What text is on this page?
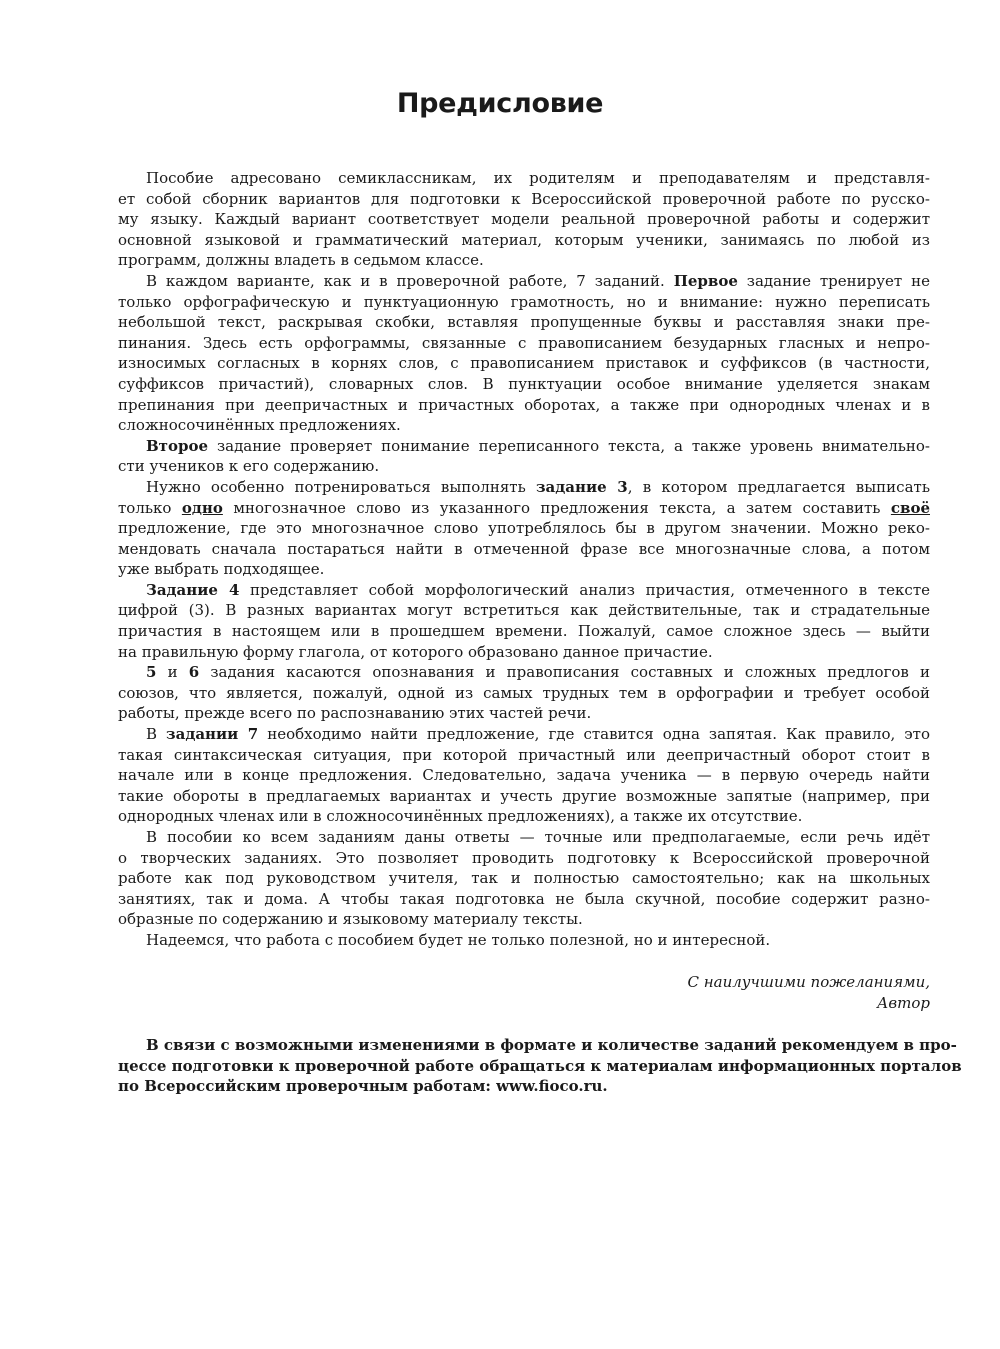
Предисловие
Пособие адресовано семиклассникам, их родителям и преподавателям и представля-
ет собой сборник вариантов для подготовки к Всероссийской проверочной работе по русско-
му языку. Каждый вариант соответствует модели реальной проверочной работы и содержит
основной языковой и грамматический материал, которым ученики, занимаясь по любой из
программ, должны владеть в седьмом классе.
В каждом варианте, как и в проверочной работе, 7 заданий. Первое задание тренирует не
только орфографическую и пунктуационную грамотность, но и внимание: нужно переписать
небольшой текст, раскрывая скобки, вставляя пропущенные буквы и расставляя знаки пре-
пинания. Здесь есть орфограммы, связанные с правописанием безударных гласных и непро-
износимых согласных в корнях слов, с правописанием приставок и суффиксов (в частности,
суффиксов причастий), словарных слов. В пунктуации особое внимание уделяется знакам
препинания при деепричастных и причастных оборотах, а также при однородных членах и в
сложносочинённых предложениях.
Второе задание проверяет понимание переписанного текста, а также уровень внимательно-
сти учеников к его содержанию.
Нужно особенно потренироваться выполнять задание 3, в котором предлагается выписать
только одно многозначное слово из указанного предложения текста, а затем составить своё
предложение, где это многозначное слово употреблялось бы в другом значении. Можно реко-
мендовать сначала постараться найти в отмеченной фразе все многозначные слова, а потом
уже выбрать подходящее.
Задание 4 представляет собой морфологический анализ причастия, отмеченного в тексте
цифрой (3). В разных вариантах могут встретиться как действительные, так и страдательные
причастия в настоящем или в прошедшем времени. Пожалуй, самое сложное здесь — выйти
на правильную форму глагола, от которого образовано данное причастие.
5 и 6 задания касаются опознавания и правописания составных и сложных предлогов и
союзов, что является, пожалуй, одной из самых трудных тем в орфографии и требует особой
работы, прежде всего по распознаванию этих частей речи.
В задании 7 необходимо найти предложение, где ставится одна запятая. Как правило, это
такая синтаксическая ситуация, при которой причастный или деепричастный оборот стоит в
начале или в конце предложения. Следовательно, задача ученика — в первую очередь найти
такие обороты в предлагаемых вариантах и учесть другие возможные запятые (например, при
однородных членах или в сложносочинённых предложениях), а также их отсутствие.
В пособии ко всем заданиям даны ответы — точные или предполагаемые, если речь идёт
о творческих заданиях. Это позволяет проводить подготовку к Всероссийской проверочной
работе как под руководством учителя, так и полностью самостоятельно; как на школьных
занятиях, так и дома. А чтобы такая подготовка не была скучной, пособие содержит разно-
образные по содержанию и языковому материалу тексты.
Надеемся, что работа с пособием будет не только полезной, но и интересной.
С наилучшими пожеланиями,
Автор
В связи с возможными изменениями в формате и количестве заданий рекомендуем в про-
цессе подготовки к проверочной работе обращаться к материалам информационных порталов
по Всероссийским проверочным работам: www.fioco.ru.
